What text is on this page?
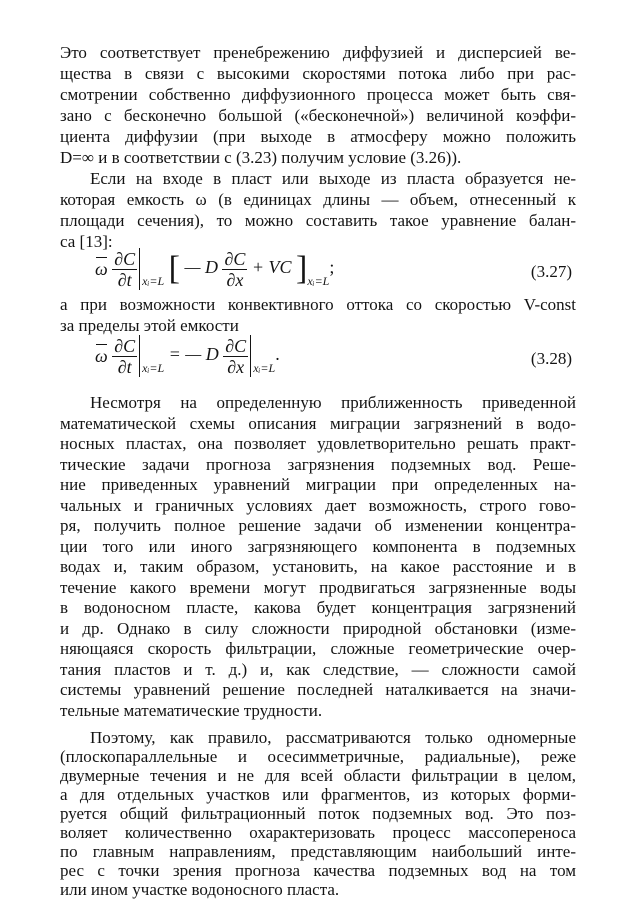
Это соответствует пренебрежению диффузией и дисперсией ве-
щества в связи с высокими скоростями потока либо при рас-
смотрении собственно диффузионного процесса может быть свя-
зано с бесконечно большой («бесконечной») величиной коэффи-
циента диффузии (при выходе в атмосферу можно положить
D=∞ и в соответствии с (3.23) получим условие (3.26)).
Если на входе в пласт или выходе из пласта образуется не-
которая емкость ω (в единицах длины — объем, отнесенный к
площади сечения), то можно составить такое уравнение балан-
са [13]:
ω $\frac{\partial C}{\partial t} _{xᵢ=L}$ [ — D $\frac{\partial C}{\partial x}$ + VC ]$_{xᵢ=L}$;	(3.27)
а при возможности конвективного оттока со скоростью V-const
за пределы этой емкости
ω $\frac{\partial C}{\partial t} _{xᵢ=L}$ = — D $\frac{\partial C}{\partial x} _{xᵢ=L}$.	(3.28)
Несмотря на определенную приближенность приведенной
математической схемы описания миграции загрязнений в водо-
носных пластах, она позволяет удовлетворительно решать практ-
тические задачи прогноза загрязнения подземных вод. Реше-
ние приведенных уравнений миграции при определенных на-
чальных и граничных условиях дает возможность, строго гово-
ря, получить полное решение задачи об изменении концентра-
ции того или иного загрязняющего компонента в подземных
водах и, таким образом, установить, на какое расстояние и в
течение какого времени могут продвигаться загрязненные воды
в водоносном пласте, какова будет концентрация загрязнений
и др. Однако в силу сложности природной обстановки (изме-
няющаяся скорость фильтрации, сложные геометрические очер-
тания пластов и т. д.) и, как следствие, — сложности самой
системы уравнений решение последней наталкивается на значи-
тельные математические трудности.
Поэтому, как правило, рассматриваются только одномерные
(плоскопараллельные и осесимметричные, радиальные), реже
двумерные течения и не для всей области фильтрации в целом,
а для отдельных участков или фрагментов, из которых форми-
руется общий фильтрационный поток подземных вод. Это поз-
воляет количественно охарактеризовать процесс массопереноса
по главным направлениям, представляющим наибольший инте-
рес с точки зрения прогноза качества подземных вод на том
или ином участке водоносного пласта.
